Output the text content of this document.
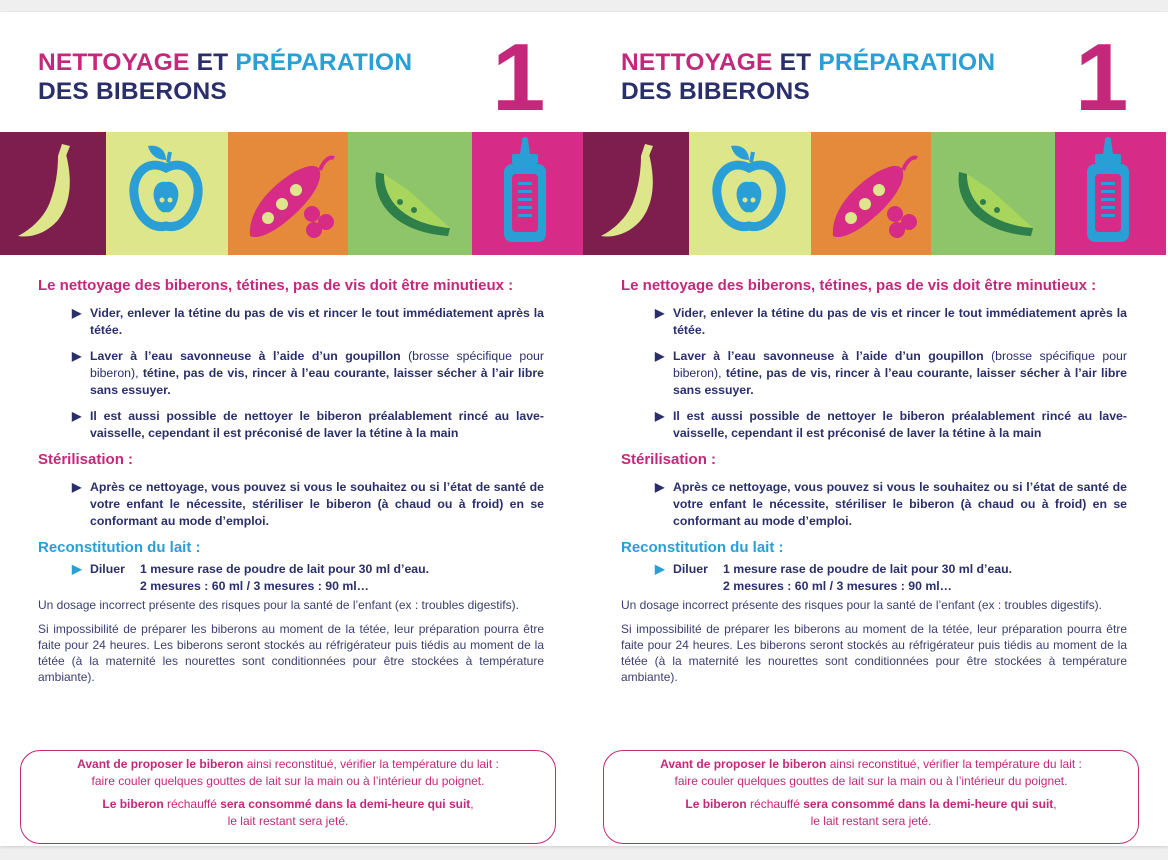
NETTOYAGE ET PRÉPARATION
DES BIBERONS	1
Le nettoyage des biberons, tétines, pas de vis doit être minutieux :
▶ Vider, enlever la tétine du pas de vis et rincer le tout immédiatement après la tétée.
▶ Laver à l’eau savonneuse à l’aide d’un goupillon (brosse spécifique pour biberon), tétine, pas de vis, rincer à l’eau courante, laisser sécher à l’air libre sans essuyer.
▶ Il est aussi possible de nettoyer le biberon préalablement rincé au lave-vaisselle, cependant il est préconisé de laver la tétine à la main
Stérilisation :
▶ Après ce nettoyage, vous pouvez si vous le souhaitez ou si l’état de santé de votre enfant le nécessite, stériliser le biberon (à chaud ou à froid) en se conformant au mode d’emploi.
Reconstitution du lait :
▶ Diluer 1 mesure rase de poudre de lait pour 30 ml d’eau.
2 mesures : 60 ml / 3 mesures : 90 ml…
Un dosage incorrect présente des risques pour la santé de l’enfant (ex : troubles digestifs).
Si impossibilité de préparer les biberons au moment de la tétée, leur préparation pourra être faite pour 24 heures. Les biberons seront stockés au réfrigérateur puis tiédis au moment de la tétée (à la maternité les nourettes sont conditionnées pour être stockées à température ambiante).
Avant de proposer le biberon ainsi reconstitué, vérifier la température du lait :
faire couler quelques gouttes de lait sur la main ou à l’intérieur du poignet.
Le biberon réchauffé sera consommé dans la demi-heure qui suit,
le lait restant sera jeté.
NETTOYAGE ET PRÉPARATION
DES BIBERONS	1
Le nettoyage des biberons, tétines, pas de vis doit être minutieux :
▶ Vider, enlever la tétine du pas de vis et rincer le tout immédiatement après la tétée.
▶ Laver à l’eau savonneuse à l’aide d’un goupillon (brosse spécifique pour biberon), tétine, pas de vis, rincer à l’eau courante, laisser sécher à l’air libre sans essuyer.
▶ Il est aussi possible de nettoyer le biberon préalablement rincé au lave-vaisselle, cependant il est préconisé de laver la tétine à la main
Stérilisation :
▶ Après ce nettoyage, vous pouvez si vous le souhaitez ou si l’état de santé de votre enfant le nécessite, stériliser le biberon (à chaud ou à froid) en se conformant au mode d’emploi.
Reconstitution du lait :
▶ Diluer 1 mesure rase de poudre de lait pour 30 ml d’eau.
2 mesures : 60 ml / 3 mesures : 90 ml…
Un dosage incorrect présente des risques pour la santé de l’enfant (ex : troubles digestifs).
Si impossibilité de préparer les biberons au moment de la tétée, leur préparation pourra être faite pour 24 heures. Les biberons seront stockés au réfrigérateur puis tiédis au moment de la tétée (à la maternité les nourettes sont conditionnées pour être stockées à température ambiante).
Avant de proposer le biberon ainsi reconstitué, vérifier la température du lait :
faire couler quelques gouttes de lait sur la main ou à l’intérieur du poignet.
Le biberon réchauffé sera consommé dans la demi-heure qui suit,
le lait restant sera jeté.
